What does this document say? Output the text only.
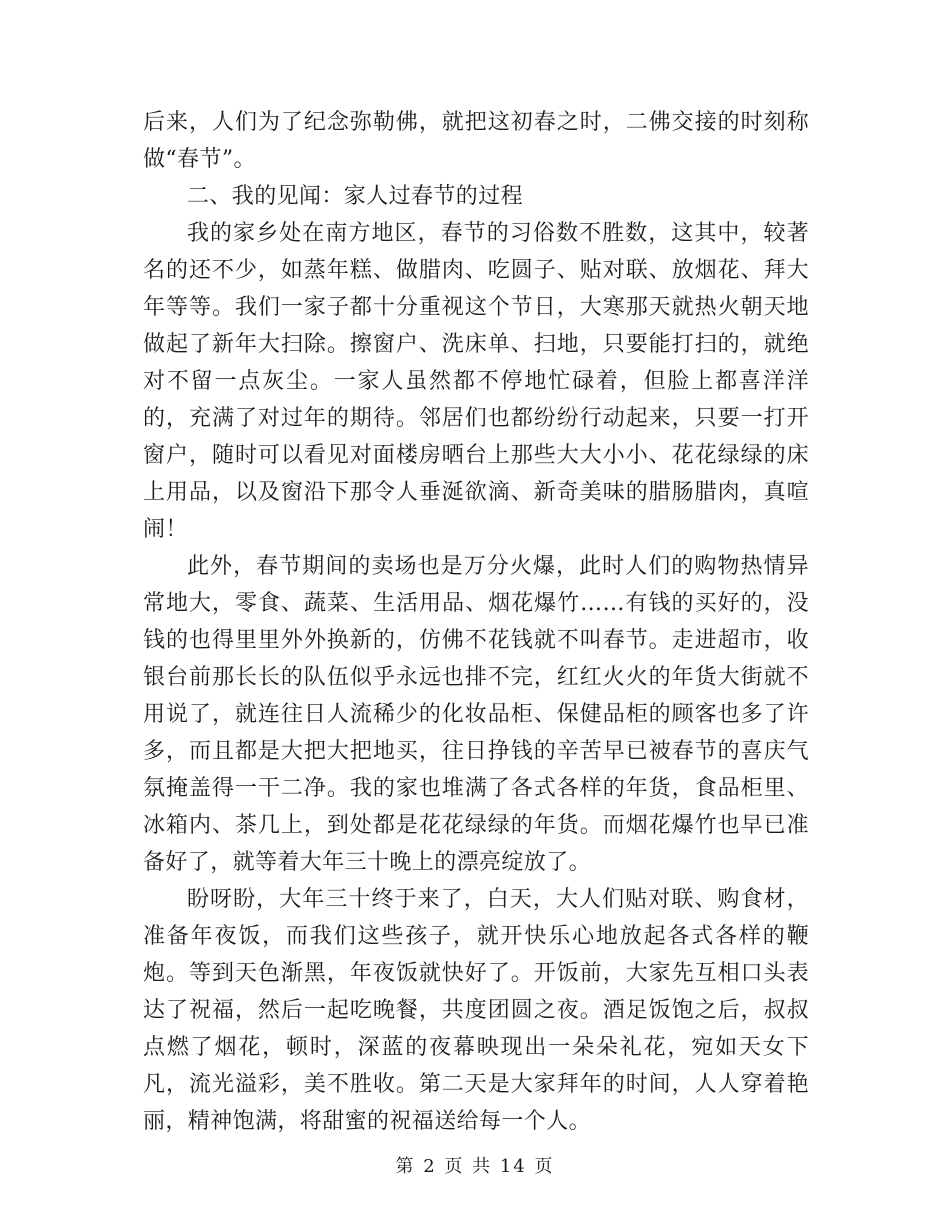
后来，人们为了纪念弥勒佛，就把这初春之时，二佛交接的时刻称做“春节”。

二、我的见闻：家人过春节的过程

我的家乡处在南方地区，春节的习俗数不胜数，这其中，较著名的还不少，如蒸年糕、做腊肉、吃圆子、贴对联、放烟花、拜大年等等。我们一家子都十分重视这个节日，大寒那天就热火朝天地做起了新年大扫除。擦窗户、洗床单、扫地，只要能打扫的，就绝对不留一点灰尘。一家人虽然都不停地忙碌着，但脸上都喜洋洋的，充满了对过年的期待。邻居们也都纷纷行动起来，只要一打开窗户，随时可以看见对面楼房晒台上那些大大小小、花花绿绿的床上用品，以及窗沿下那令人垂涎欲滴、新奇美味的腊肠腊肉，真喧闹！

此外，春节期间的卖场也是万分火爆，此时人们的购物热情异常地大，零食、蔬菜、生活用品、烟花爆竹……有钱的买好的，没钱的也得里里外外换新的，仿佛不花钱就不叫春节。走进超市，收银台前那长长的队伍似乎永远也排不完，红红火火的年货大街就不用说了，就连往日人流稀少的化妆品柜、保健品柜的顾客也多了许多，而且都是大把大把地买，往日挣钱的辛苦早已被春节的喜庆气氛掩盖得一干二净。我的家也堆满了各式各样的年货，食品柜里、冰箱内、茶几上，到处都是花花绿绿的年货。而烟花爆竹也早已准备好了，就等着大年三十晚上的漂亮绽放了。

盼呀盼，大年三十终于来了，白天，大人们贴对联、购食材，准备年夜饭，而我们这些孩子，就开快乐心地放起各式各样的鞭炮。等到天色渐黑，年夜饭就快好了。开饭前，大家先互相口头表达了祝福，然后一起吃晚餐，共度团圆之夜。酒足饭饱之后，叔叔点燃了烟花，顿时，深蓝的夜幕映现出一朵朵礼花，宛如天女下凡，流光溢彩，美不胜收。第二天是大家拜年的时间，人人穿着艳丽，精神饱满，将甜蜜的祝福送给每一个人。

第 2 页 共 14 页
